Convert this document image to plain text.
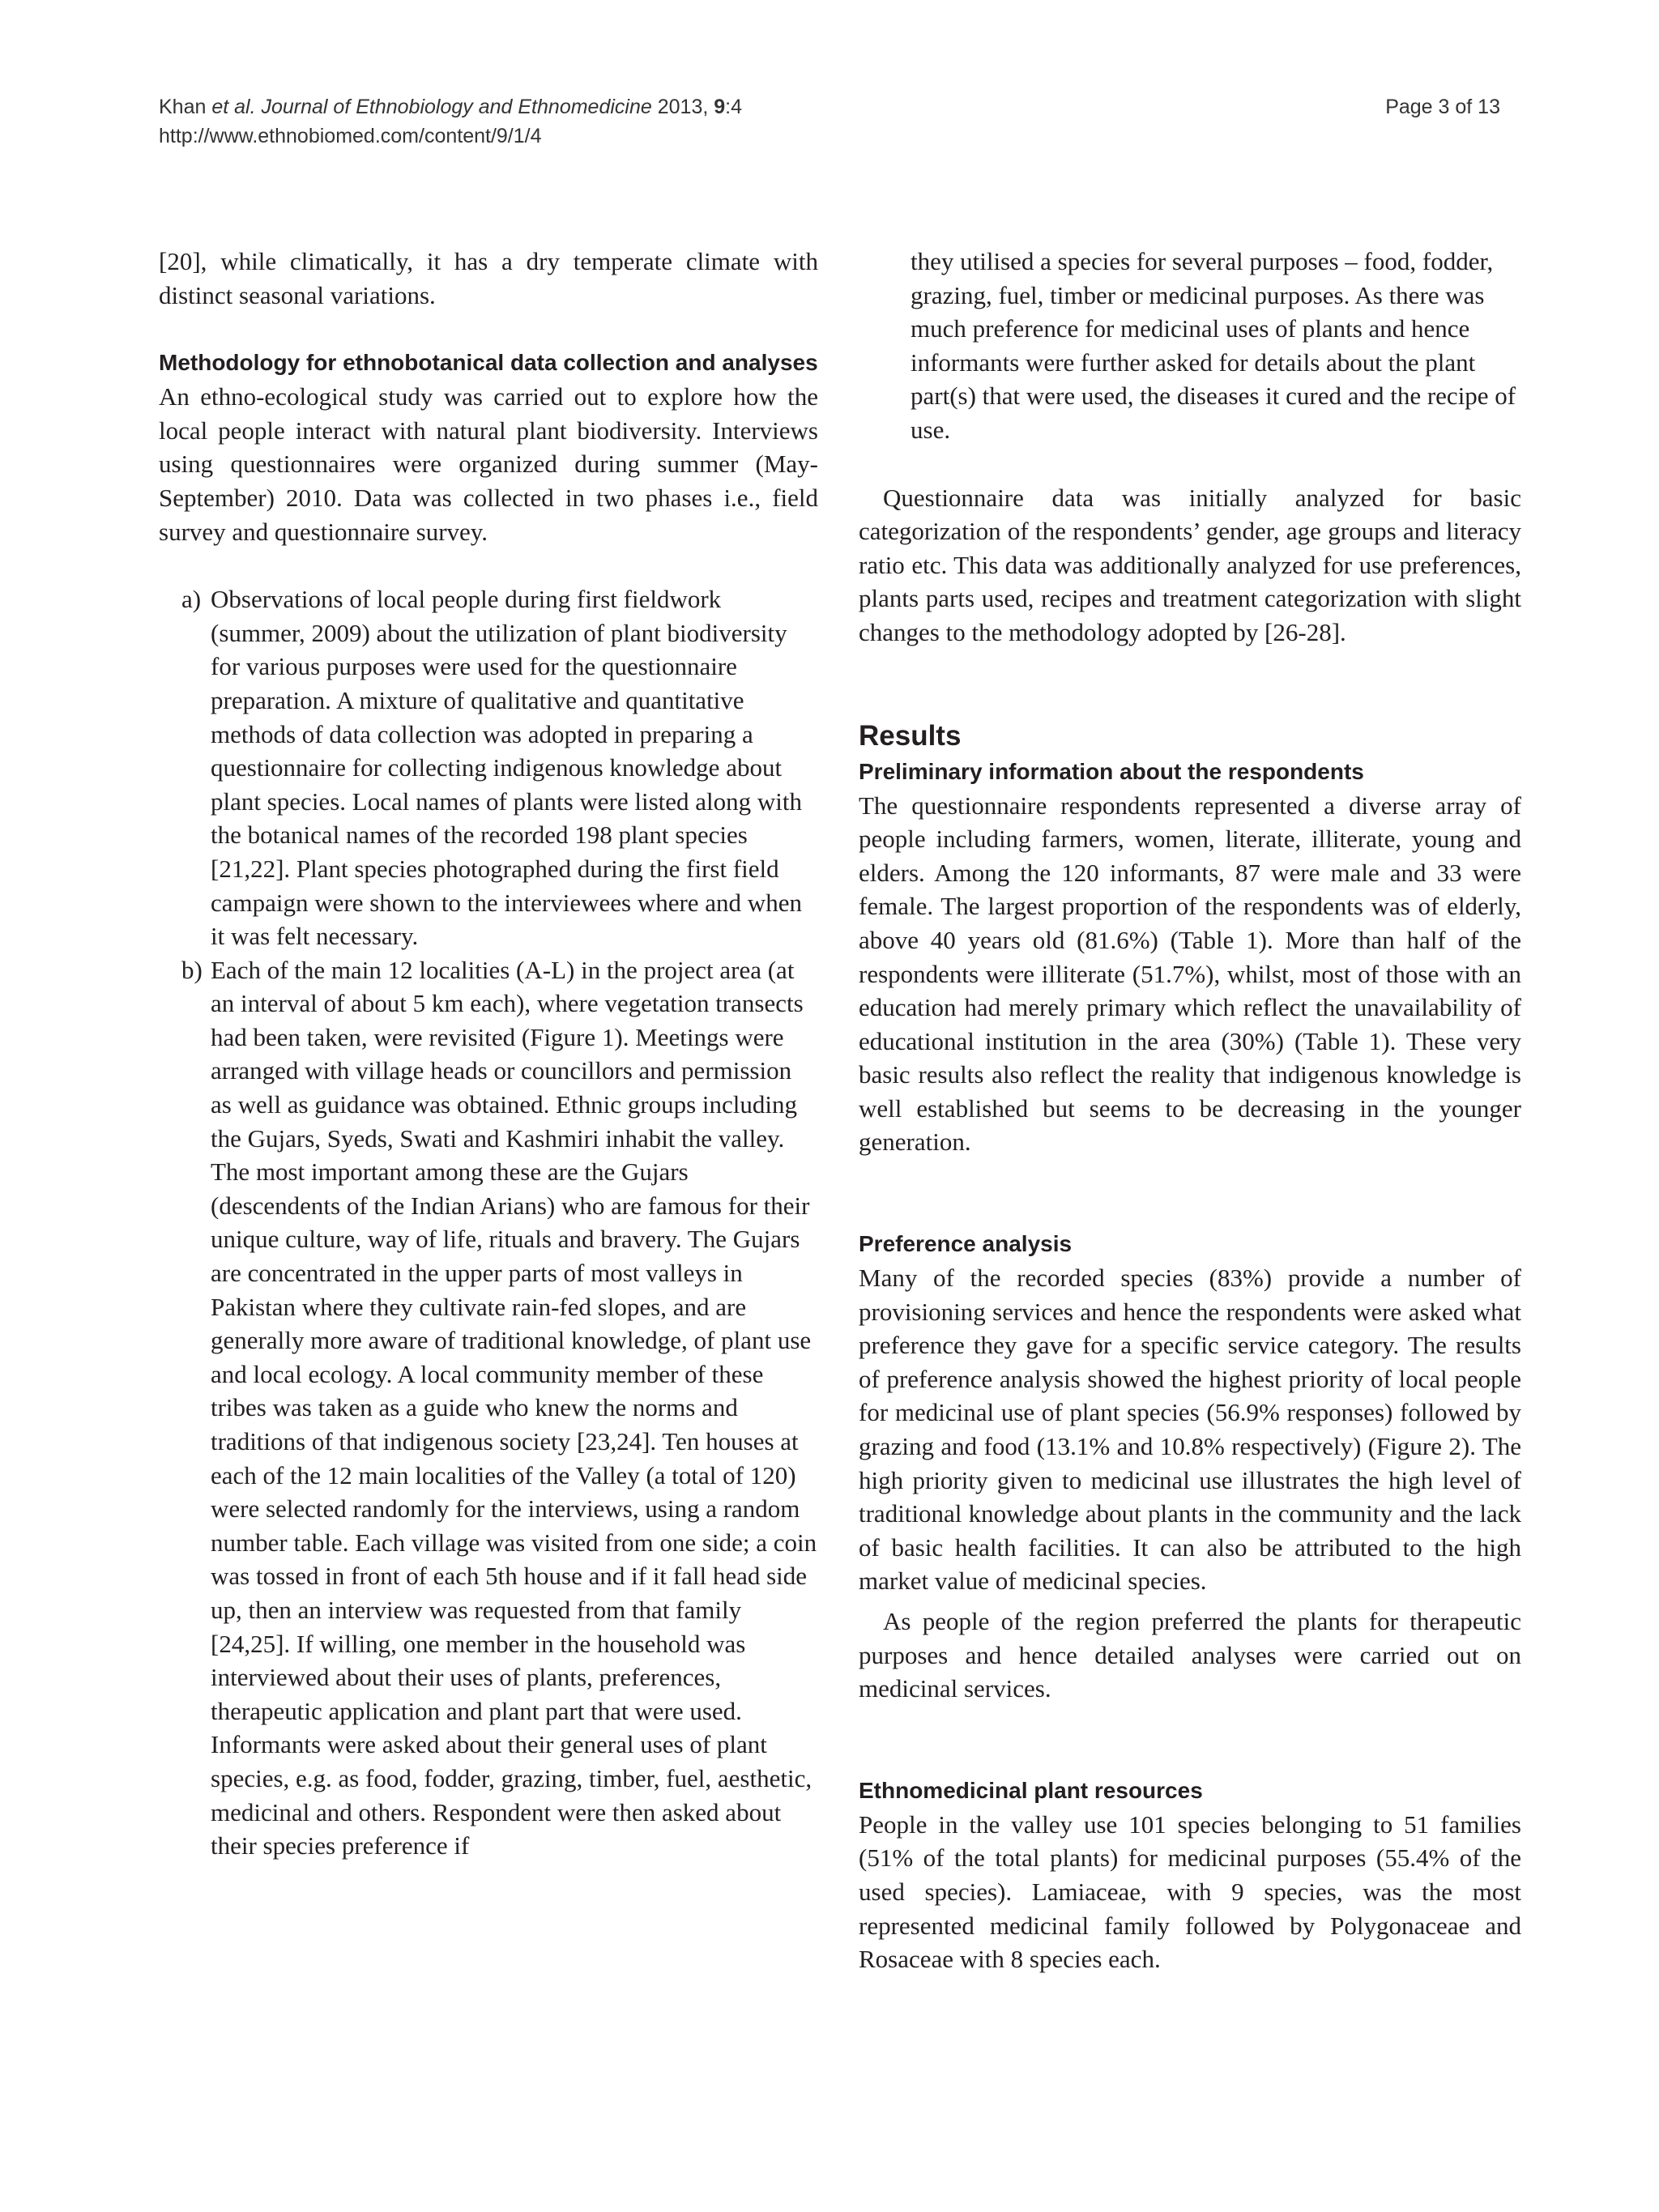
Khan et al. Journal of Ethnobiology and Ethnomedicine 2013, 9:4
http://www.ethnobiomed.com/content/9/1/4
Page 3 of 13

[20], while climatically, it has a dry temperate climate with distinct seasonal variations.

Methodology for ethnobotanical data collection and analyses

An ethno-ecological study was carried out to explore how the local people interact with natural plant biodiversity. Interviews using questionnaires were organized during summer (May-September) 2010. Data was collected in two phases i.e., field survey and questionnaire survey.

a) Observations of local people during first fieldwork (summer, 2009) about the utilization of plant biodiversity for various purposes were used for the questionnaire preparation. A mixture of qualitative and quantitative methods of data collection was adopted in preparing a questionnaire for collecting indigenous knowledge about plant species. Local names of plants were listed along with the botanical names of the recorded 198 plant species [21,22]. Plant species photographed during the first field campaign were shown to the interviewees where and when it was felt necessary.
b) Each of the main 12 localities (A-L) in the project area (at an interval of about 5 km each), where vegetation transects had been taken, were revisited (Figure 1). Meetings were arranged with village heads or councillors and permission as well as guidance was obtained. Ethnic groups including the Gujars, Syeds, Swati and Kashmiri inhabit the valley. The most important among these are the Gujars (descendents of the Indian Arians) who are famous for their unique culture, way of life, rituals and bravery. The Gujars are concentrated in the upper parts of most valleys in Pakistan where they cultivate rain-fed slopes, and are generally more aware of traditional knowledge, of plant use and local ecology. A local community member of these tribes was taken as a guide who knew the norms and traditions of that indigenous society [23,24]. Ten houses at each of the 12 main localities of the Valley (a total of 120) were selected randomly for the interviews, using a random number table. Each village was visited from one side; a coin was tossed in front of each 5th house and if it fall head side up, then an interview was requested from that family [24,25]. If willing, one member in the household was interviewed about their uses of plants, preferences, therapeutic application and plant part that were used. Informants were asked about their general uses of plant species, e.g. as food, fodder, grazing, timber, fuel, aesthetic, medicinal and others. Respondent were then asked about their species preference if

they utilised a species for several purposes – food, fodder, grazing, fuel, timber or medicinal purposes. As there was much preference for medicinal uses of plants and hence informants were further asked for details about the plant part(s) that were used, the diseases it cured and the recipe of use.

Questionnaire data was initially analyzed for basic categorization of the respondents’ gender, age groups and literacy ratio etc. This data was additionally analyzed for use preferences, plants parts used, recipes and treatment categorization with slight changes to the methodology adopted by [26-28].

Results
Preliminary information about the respondents

The questionnaire respondents represented a diverse array of people including farmers, women, literate, illiterate, young and elders. Among the 120 informants, 87 were male and 33 were female. The largest proportion of the respondents was of elderly, above 40 years old (81.6%) (Table 1). More than half of the respondents were illiterate (51.7%), whilst, most of those with an education had merely primary which reflect the unavailability of educational institution in the area (30%) (Table 1). These very basic results also reflect the reality that indigenous knowledge is well established but seems to be decreasing in the younger generation.

Preference analysis

Many of the recorded species (83%) provide a number of provisioning services and hence the respondents were asked what preference they gave for a specific service category. The results of preference analysis showed the highest priority of local people for medicinal use of plant species (56.9% responses) followed by grazing and food (13.1% and 10.8% respectively) (Figure 2). The high priority given to medicinal use illustrates the high level of traditional knowledge about plants in the community and the lack of basic health facilities. It can also be attributed to the high market value of medicinal species.

As people of the region preferred the plants for therapeutic purposes and hence detailed analyses were carried out on medicinal services.

Ethnomedicinal plant resources

People in the valley use 101 species belonging to 51 families (51% of the total plants) for medicinal purposes (55.4% of the used species). Lamiaceae, with 9 species, was the most represented medicinal family followed by Polygonaceae and Rosaceae with 8 species each.
